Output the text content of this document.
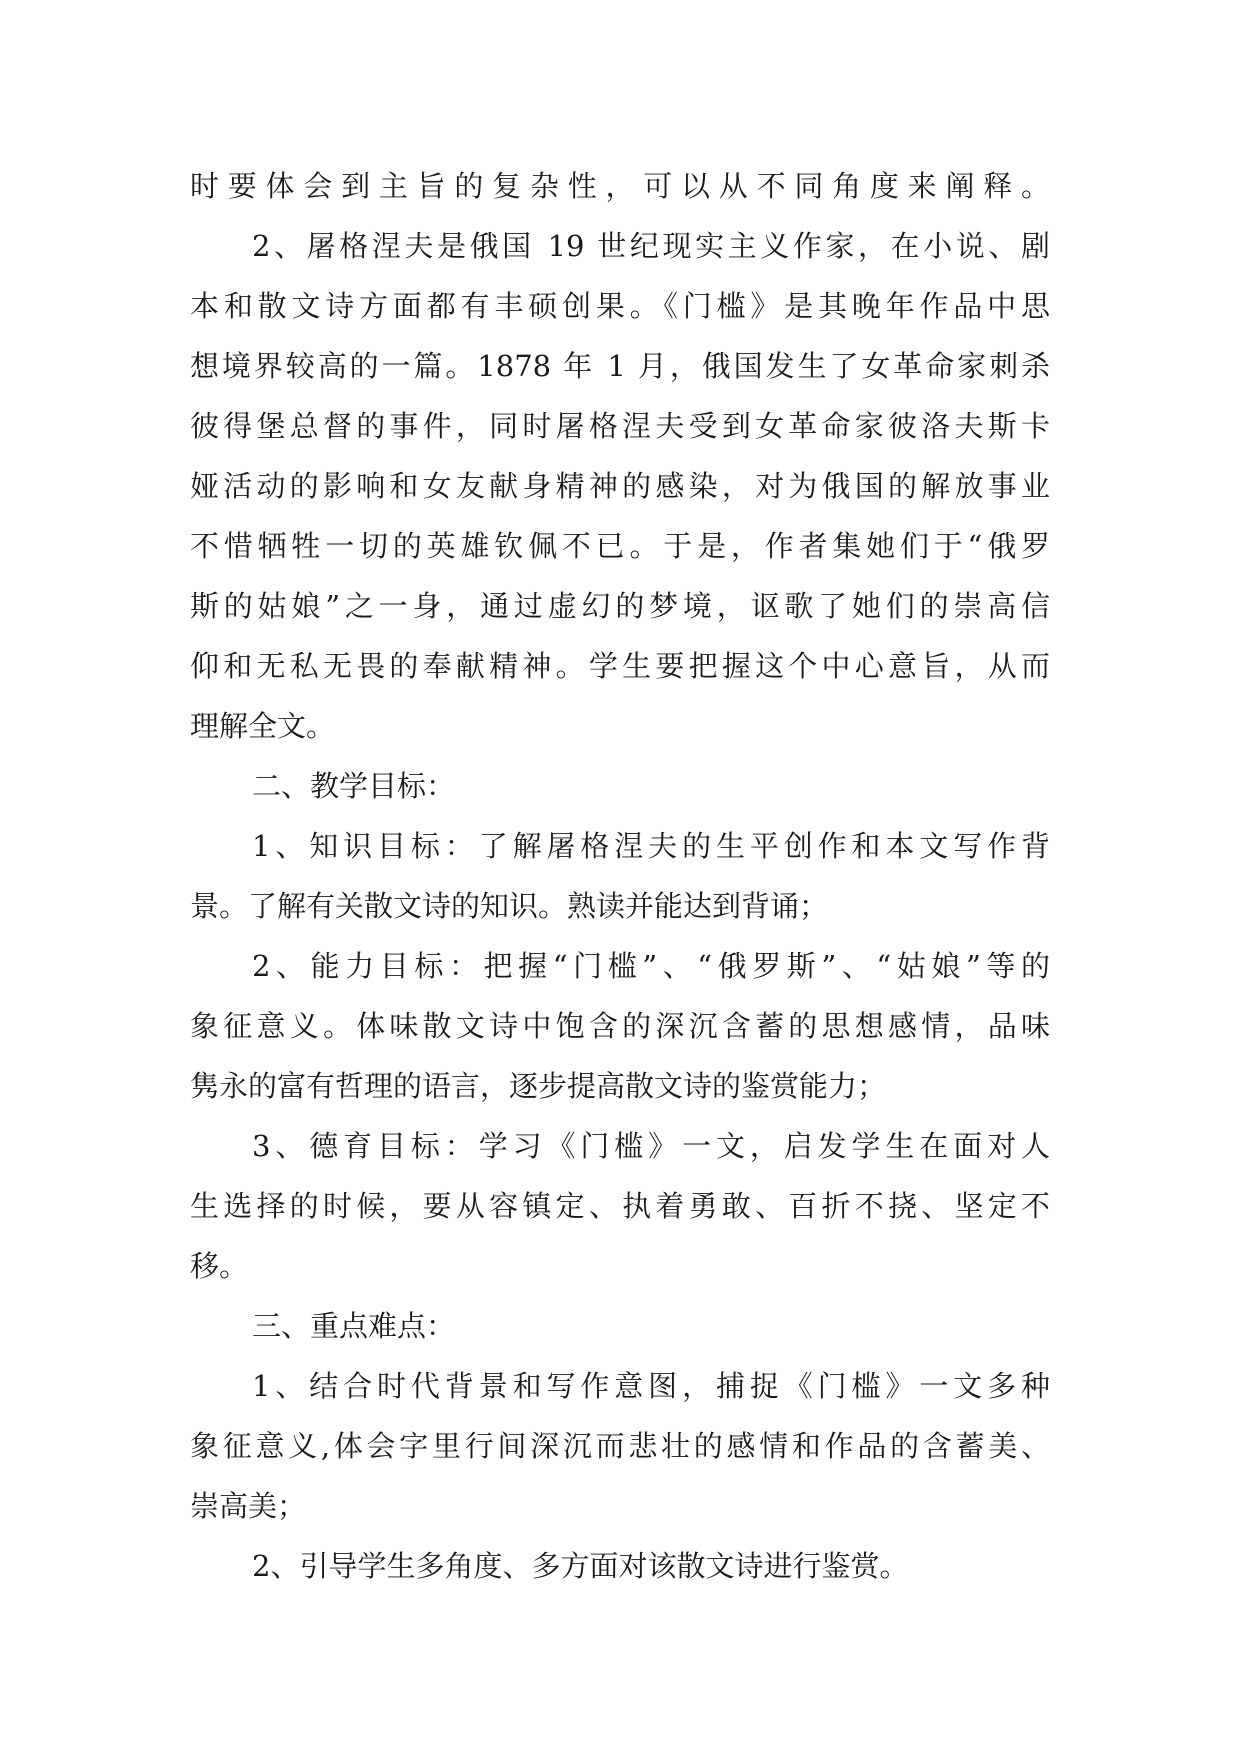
时要体会到主旨的复杂性，可以从不同角度来阐释。
2、屠格涅夫是俄国 19 世纪现实主义作家，在小说、剧
本和散文诗方面都有丰硕创果。《门槛》是其晚年作品中思
想境界较高的一篇。1878 年 1 月，俄国发生了女革命家刺杀
彼得堡总督的事件，同时屠格涅夫受到女革命家彼洛夫斯卡
娅活动的影响和女友献身精神的感染，对为俄国的解放事业
不惜牺牲一切的英雄钦佩不已。于是，作者集她们于“俄罗
斯的姑娘”之一身，通过虚幻的梦境，讴歌了她们的崇高信
仰和无私无畏的奉献精神。学生要把握这个中心意旨，从而
理解全文。
二、教学目标：
1、知识目标：了解屠格涅夫的生平创作和本文写作背
景。了解有关散文诗的知识。熟读并能达到背诵；
2、能力目标：把握“门槛”、“俄罗斯”、“姑娘”等的
象征意义。体味散文诗中饱含的深沉含蓄的思想感情，品味
隽永的富有哲理的语言，逐步提高散文诗的鉴赏能力；
3、德育目标：学习《门槛》一文，启发学生在面对人
生选择的时候，要从容镇定、执着勇敢、百折不挠、坚定不
移。
三、重点难点：
1、结合时代背景和写作意图，捕捉《门槛》一文多种
象征意义,体会字里行间深沉而悲壮的感情和作品的含蓄美、
崇高美；
2、引导学生多角度、多方面对该散文诗进行鉴赏。
